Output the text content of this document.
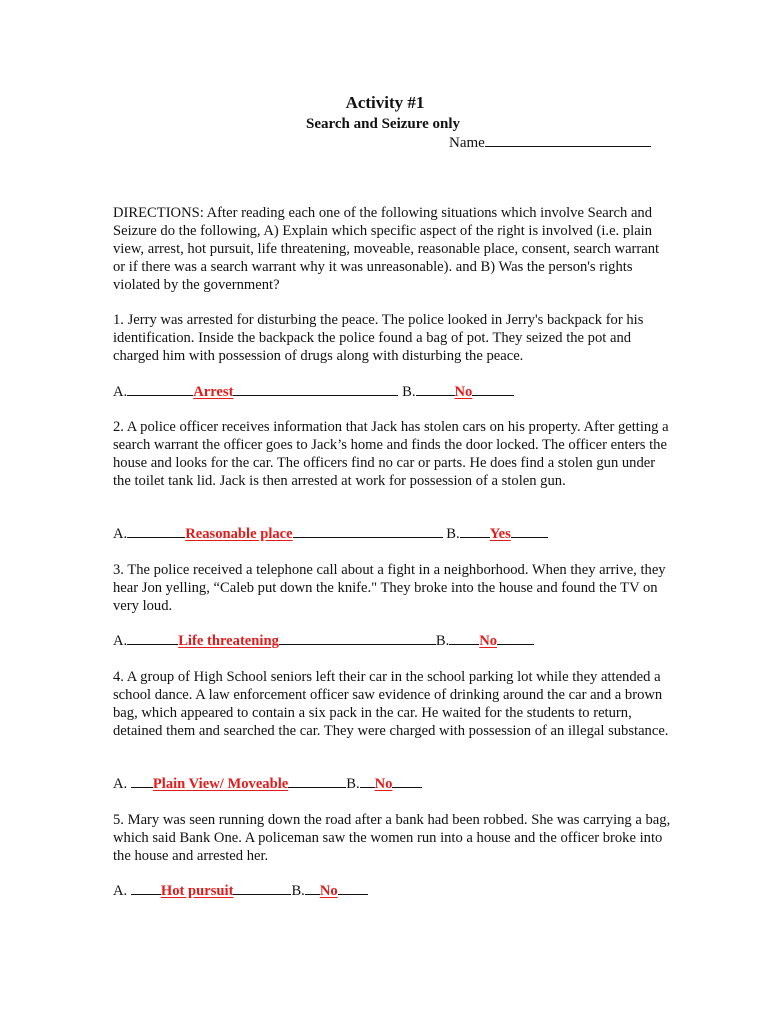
Activity #1
Search and Seizure only
Name

DIRECTIONS: After reading each one of the following situations which involve Search and Seizure do the following, A) Explain which specific aspect of the right is involved (i.e. plain view, arrest, hot pursuit, life threatening, moveable, reasonable place, consent, search warrant or if there was a search warrant why it was unreasonable). and B) Was the person's rights violated by the government?

1. Jerry was arrested for disturbing the peace. The police looked in Jerry's backpack for his identification. Inside the backpack the police found a bag of pot. They seized the pot and charged him with possession of drugs along with disturbing the peace.

A.	Arrest	B.	No

2. A police officer receives information that Jack has stolen cars on his property. After getting a search warrant the officer goes to Jack’s home and finds the door locked. The officer enters the house and looks for the car. The officers find no car or parts. He does find a stolen gun under the toilet tank lid. Jack is then arrested at work for possession of a stolen gun.

A.	Reasonable place	B. Yes

3. The police received a telephone call about a fight in a neighborhood. When they arrive, they hear Jon yelling, “Caleb put down the knife." They broke into the house and found the TV on very loud.

A.	Life threatening	B. No

4. A group of High School seniors left their car in the school parking lot while they attended a school dance. A law enforcement officer saw evidence of drinking around the car and a brown bag, which appeared to contain a six pack in the car. He waited for the students to return, detained them and searched the car. They were charged with possession of an illegal substance.

A. Plain View/ Moveable	B. No

5. Mary was seen running down the road after a bank had been robbed. She was carrying a bag, which said Bank One. A policeman saw the women run into a house and the officer broke into the house and arrested her.

A. Hot pursuit	B. No
